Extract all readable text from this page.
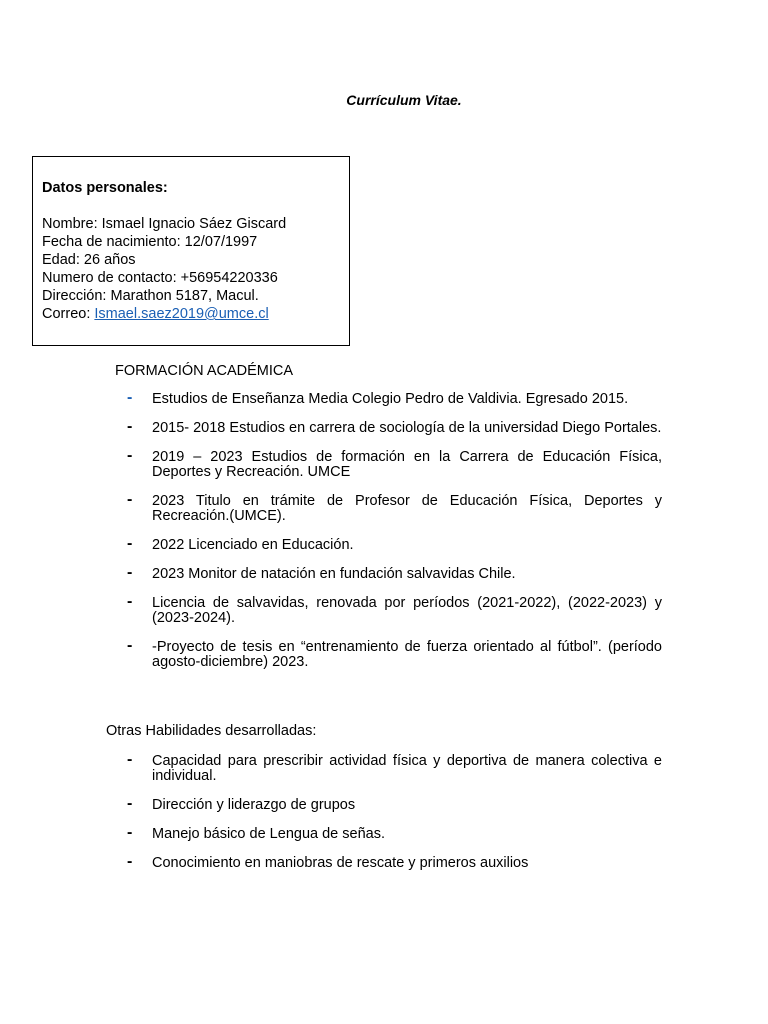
Currículum Vitae.
Datos personales:
Nombre: Ismael Ignacio Sáez Giscard
Fecha de nacimiento: 12/07/1997
Edad: 26 años
Numero de contacto: +56954220336
Dirección: Marathon 5187, Macul.
Correo: Ismael.saez2019@umce.cl
FORMACIÓN ACADÉMICA
- Estudios de Enseñanza Media Colegio Pedro de Valdivia. Egresado 2015.
- 2015- 2018 Estudios en carrera de sociología de la universidad Diego Portales.
- 2019 – 2023 Estudios de formación en la Carrera de Educación Física, Deportes y Recreación. UMCE
- 2023 Titulo en trámite de Profesor de Educación Física, Deportes y Recreación.(UMCE).
- 2022 Licenciado en Educación.
- 2023 Monitor de natación en fundación salvavidas Chile.
- Licencia de salvavidas, renovada por períodos (2021-2022), (2022-2023) y (2023-2024).
- -Proyecto de tesis en “entrenamiento de fuerza orientado al fútbol”. (período agosto-diciembre) 2023.
Otras Habilidades desarrolladas:
- Capacidad para prescribir actividad física y deportiva de manera colectiva e individual.
- Dirección y liderazgo de grupos
- Manejo básico de Lengua de señas.
- Conocimiento en maniobras de rescate y primeros auxilios
